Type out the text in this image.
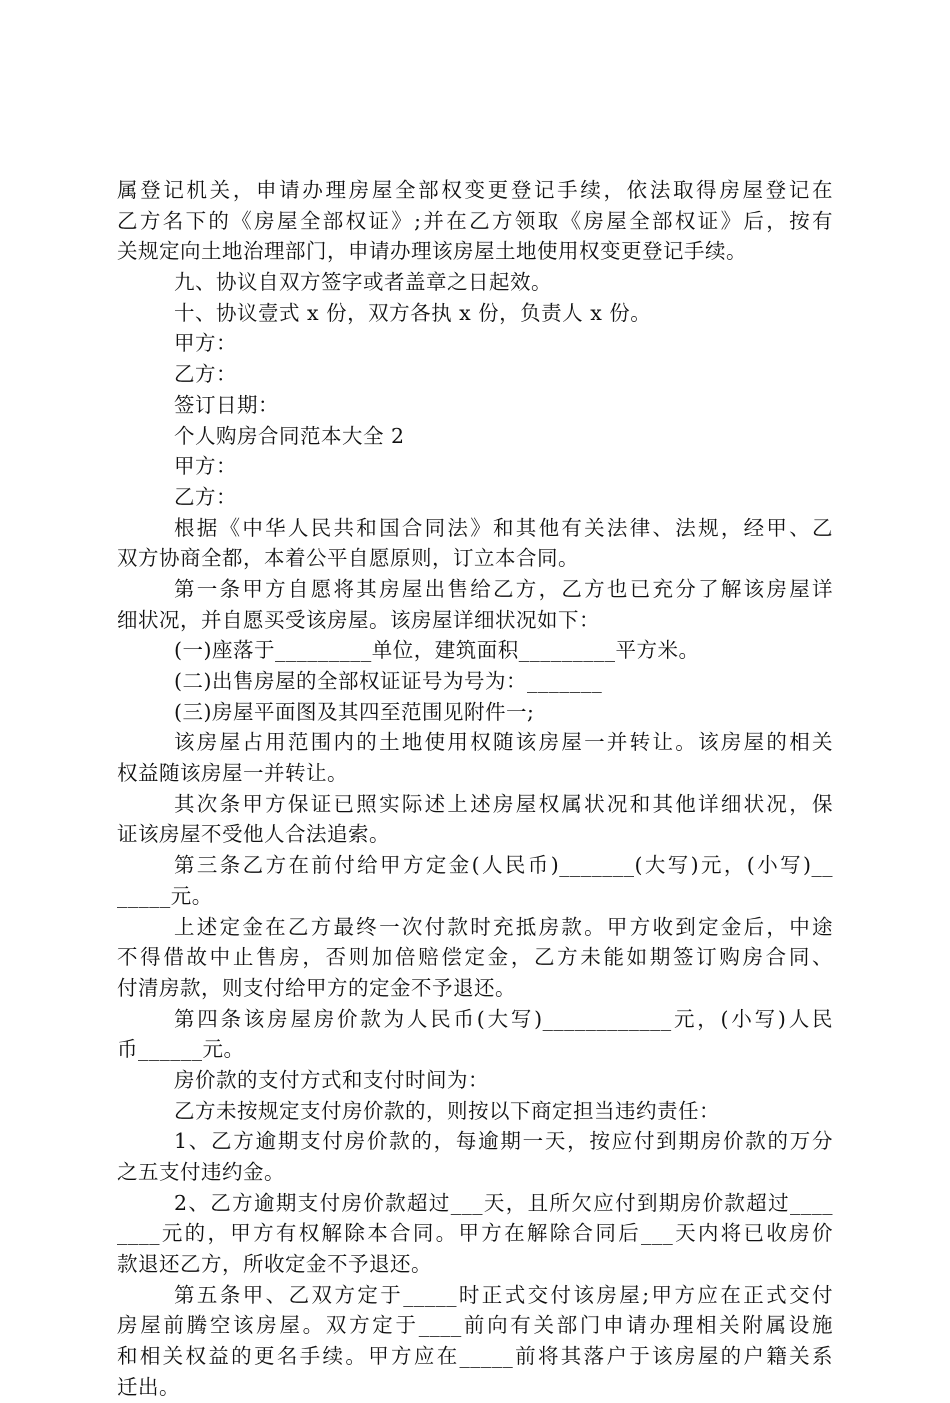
属登记机关，申请办理房屋全部权变更登记手续，依法取得房屋登记在
乙方名下的《房屋全部权证》;并在乙方领取《房屋全部权证》后，按有
关规定向土地治理部门，申请办理该房屋土地使用权变更登记手续。
九、协议自双方签字或者盖章之日起效。
十、协议壹式 x 份，双方各执 x 份，负责人 x 份。
甲方：
乙方：
签订日期：
个人购房合同范本大全 2
甲方：
乙方：
根据《中华人民共和国合同法》和其他有关法律、法规，经甲、乙
双方协商全都，本着公平自愿原则，订立本合同。
第一条甲方自愿将其房屋出售给乙方，乙方也已充分了解该房屋详
细状况，并自愿买受该房屋。该房屋详细状况如下：
(一)座落于_________单位，建筑面积_________平方米。
(二)出售房屋的全部权证证号为号为：_______
(三)房屋平面图及其四至范围见附件一;
该房屋占用范围内的土地使用权随该房屋一并转让。该房屋的相关
权益随该房屋一并转让。
其次条甲方保证已照实际述上述房屋权属状况和其他详细状况，保
证该房屋不受他人合法追索。
第三条乙方在前付给甲方定金(人民币)_______(大写)元，(小写)__
_____元。
上述定金在乙方最终一次付款时充抵房款。甲方收到定金后，中途
不得借故中止售房，否则加倍赔偿定金，乙方未能如期签订购房合同、
付清房款，则支付给甲方的定金不予退还。
第四条该房屋房价款为人民币(大写)____________元，(小写)人民
币______元。
房价款的支付方式和支付时间为：
乙方未按规定支付房价款的，则按以下商定担当违约责任：
1、乙方逾期支付房价款的，每逾期一天，按应付到期房价款的万分
之五支付违约金。
2、乙方逾期支付房价款超过___天，且所欠应付到期房价款超过____
____元的，甲方有权解除本合同。甲方在解除合同后___天内将已收房价
款退还乙方，所收定金不予退还。
第五条甲、乙双方定于_____时正式交付该房屋;甲方应在正式交付
房屋前腾空该房屋。双方定于____前向有关部门申请办理相关附属设施
和相关权益的更名手续。甲方应在_____前将其落户于该房屋的户籍关系
迁出。
